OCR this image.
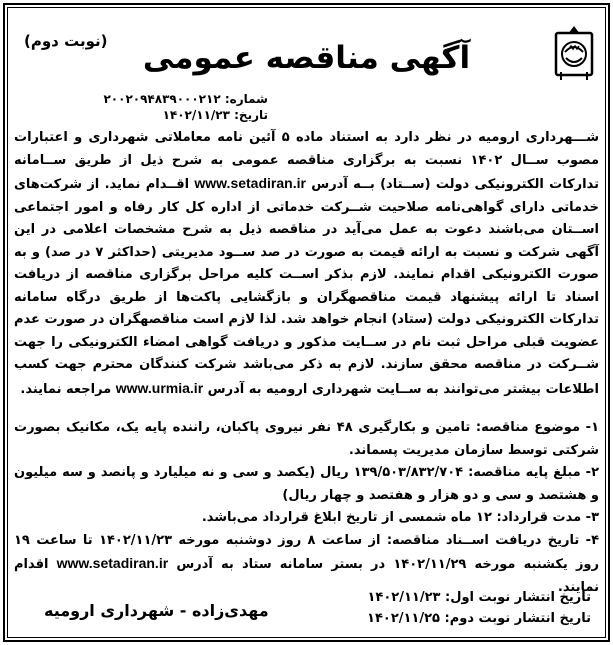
آگهی مناقصه عمومی
(نوبت دوم)
شماره: ۲۰۰۲۰۹۴۸۳۹۰۰۰۲۱۲
تاریخ: ۱۴۰۲/۱۱/۲۳

شـــهرداری ارومیه در نظر دارد به استناد ماده ۵ آئین نامه معاملاتی شهرداری و اعتبارات مصوب ســال ۱۴۰۲ نسبت به برگزاری مناقصه عمومی به شرح ذیل از طریق ســامانه تدارکات الکترونیکی دولت (ســتاد) بــه آدرس www.setadiran.ir اقــدام نماید. از شرکت‌های خدماتی دارای گواهی‌نامه صلاحیت شــرکت خدماتی از اداره کل کار رفاه و امور اجتماعی اســتان می‌باشند دعوت به عمل می‌آید در مناقصه ذیل به شرح مشخصات اعلامی در این آگهی شرکت و نسبت به ارائه قیمت به صورت در صد ســود مدیریتی (حداکثر ۷ در صد) و به صورت الکترونیکی اقدام نمایند. لازم بذکر اســت کلیه مراحل برگزاری مناقصه از دریافت اسناد تا ارائه پیشنهاد قیمت مناقصهگران و بازگشایی پاکت‌ها از طریق درگاه سامانه تدارکات الکترونیکی دولت (ستاد) انجام خواهد شد. لذا لازم است مناقصهگران در صورت عدم عضویت قبلی مراحل ثبت نام در ســایت مذکور و دریافت گواهی امضاء الکترونیکی را جهت شــرکت در مناقصه محقق سازند. لازم به ذکر می‌باشد شرکت کنندگان محترم جهت کسب اطلاعات بیشتر می‌توانند به ســایت شهرداری ارومیه به آدرس www.urmia.ir مراجعه نمایند.

۱- موضوع مناقصه: تامین و بکارگیری ۴۸ نفر نیروی پاکبان، راننده پایه یک، مکانیک بصورت شرکتی توسط سازمان مدیریت پسماند.

۲- مبلغ پایه مناقصه: ۱۳۹/۵۰۳/۸۳۲/۷۰۴ ریال (یکصد و سی و نه میلیارد و پانصد و سه میلیون و هشتصد و سی و دو هزار و هفتصد و چهار ریال)

۳- مدت قرارداد: ۱۲ ماه شمسی از تاریخ ابلاغ قرارداد می‌باشد.

۴- تاریخ دریافت اســناد مناقصه: از ساعت ۸ روز دوشنبه مورخه ۱۴۰۲/۱۱/۲۳ تا ساعت ۱۹ روز یکشنبه مورخه ۱۴۰۲/۱۱/۲۹ در بستر سامانه ستاد به آدرس www.setadiran.ir اقدام نمایند.

تاریخ انتشار نوبت اول: ۱۴۰۲/۱۱/۲۳
تاریخ انتشار نوبت دوم: ۱۴۰۲/۱۱/۲۵
مهدی‌زاده - شهرداری ارومیه
